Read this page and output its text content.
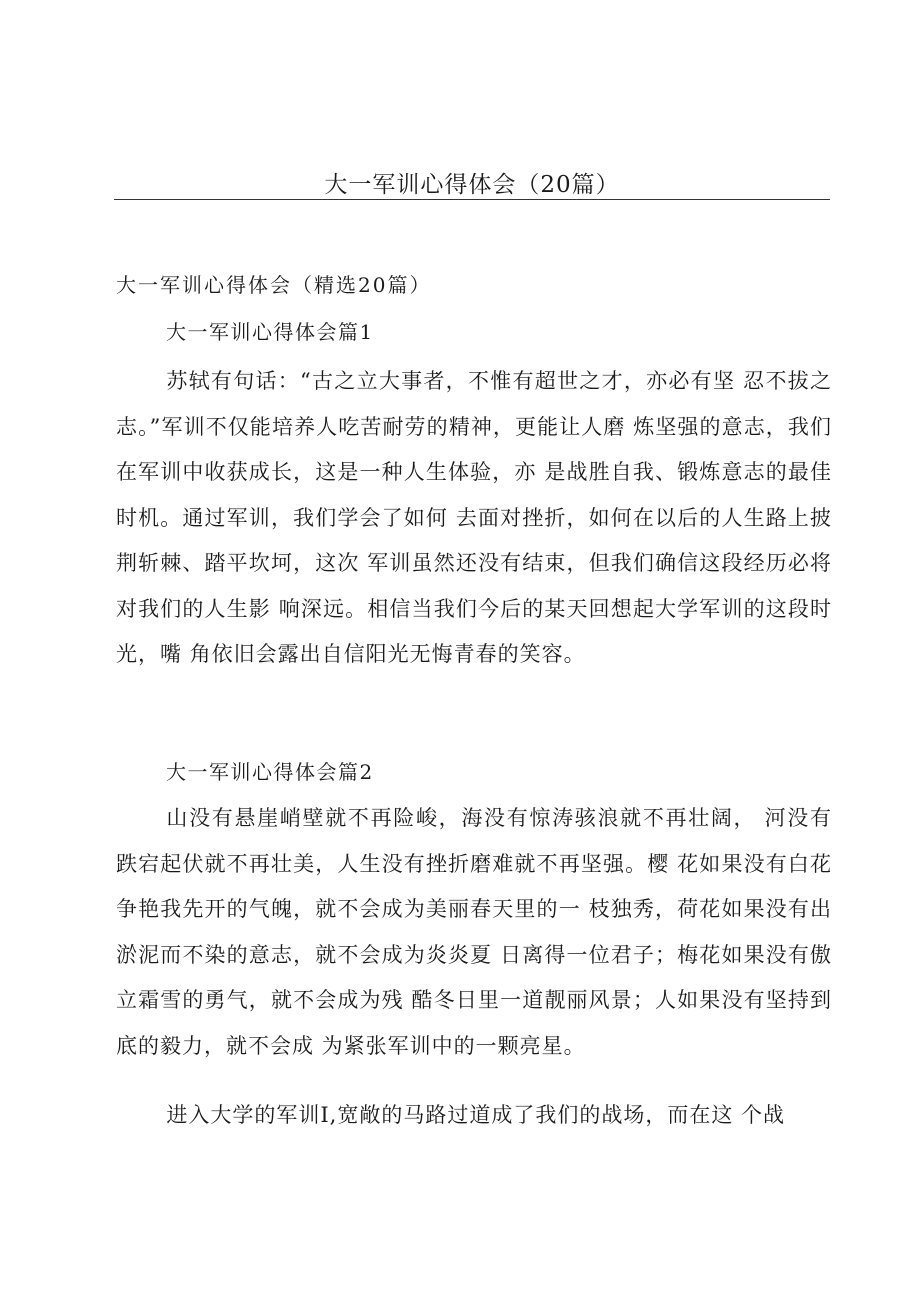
大一军训心得体会（20篇）
大一军训心得体会（精选20篇）
大一军训心得体会篇1
苏轼有句话：“古之立大事者，不惟有超世之才，亦必有坚 忍不拔之志。”军训不仅能培养人吃苦耐劳的精神，更能让人磨 炼坚强的意志，我们在军训中收获成长，这是一种人生体验，亦 是战胜自我、锻炼意志的最佳时机。通过军训，我们学会了如何 去面对挫折，如何在以后的人生路上披荆斩棘、踏平坎坷，这次 军训虽然还没有结束，但我们确信这段经历必将对我们的人生影 响深远。相信当我们今后的某天回想起大学军训的这段时光，嘴 角依旧会露出自信阳光无悔青春的笑容。
大一军训心得体会篇2
山没有悬崖峭壁就不再险峻，海没有惊涛骇浪就不再壮阔， 河没有跌宕起伏就不再壮美，人生没有挫折磨难就不再坚强。樱 花如果没有白花争艳我先开的气魄，就不会成为美丽春天里的一 枝独秀，荷花如果没有出淤泥而不染的意志，就不会成为炎炎夏 日离得一位君子；梅花如果没有傲立霜雪的勇气，就不会成为残 酷冬日里一道靓丽风景；人如果没有坚持到底的毅力，就不会成 为紧张军训中的一颗亮星。
进入大学的军训I,宽敞的马路过道成了我们的战场，而在这 个战
